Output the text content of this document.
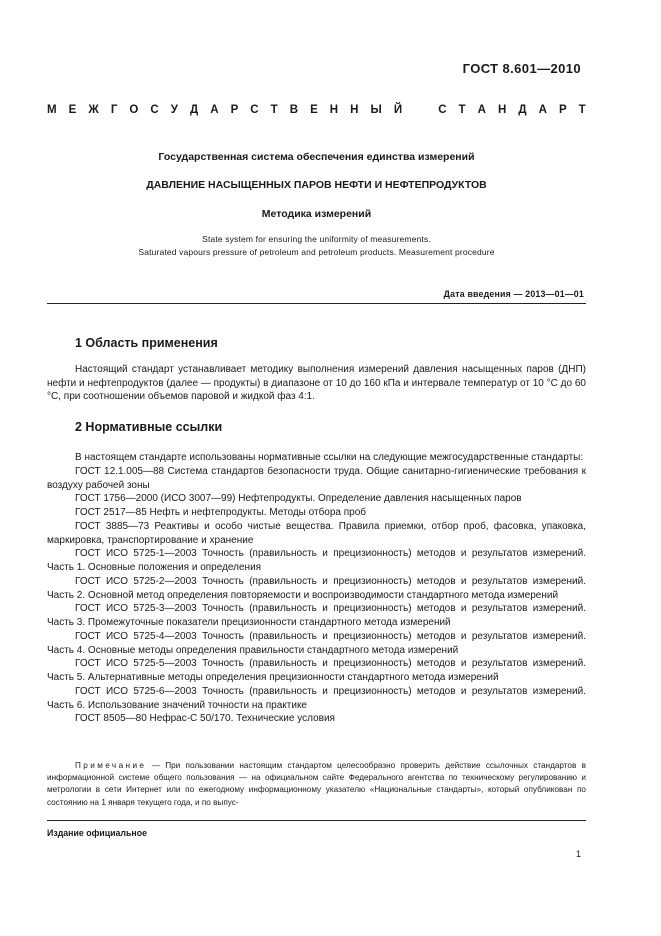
ГОСТ 8.601—2010
М Е Ж Г О С У Д А Р С Т В Е Н Н Ы Й	С Т А Н Д А Р Т
Государственная система обеспечения единства измерений
ДАВЛЕНИЕ НАСЫЩЕННЫХ ПАРОВ НЕФТИ И НЕФТЕПРОДУКТОВ
Методика измерений
State system for ensuring the uniformity of measurements.
Saturated vapours pressure of petroleum and petroleum products. Measurement procedure
Дата введения — 2013—01—01
1 Область применения
Настоящий стандарт устанавливает методику выполнения измерений давления насыщенных паров (ДНП) нефти и нефтепродуктов (далее — продукты) в диапазоне от 10 до 160 кПа и интервале температур от 10 °С до 60 °С, при соотношении объемов паровой и жидкой фаз 4:1.
2 Нормативные ссылки

В настоящем стандарте использованы нормативные ссылки на следующие межгосударственные стандарты:

ГОСТ 12.1.005—88 Система стандартов безопасности труда. Общие санитарно-гигиенические требования к воздуху рабочей зоны

ГОСТ 1756—2000 (ИСО 3007—99) Нефтепродукты. Определение давления насыщенных паров

ГОСТ 2517—85 Нефть и нефтепродукты. Методы отбора проб

ГОСТ 3885—73 Реактивы и особо чистые вещества. Правила приемки, отбор проб, фасовка, упаковка, маркировка, транспортирование и хранение

ГОСТ ИСО 5725-1—2003 Точность (правильность и прецизионность) методов и результатов измерений. Часть 1. Основные положения и определения

ГОСТ ИСО 5725-2—2003 Точность (правильность и прецизионность) методов и результатов измерений. Часть 2. Основной метод определения повторяемости и воспроизводимости стандартного метода измерений

ГОСТ ИСО 5725-3—2003 Точность (правильность и прецизионность) методов и результатов измерений. Часть 3. Промежуточные показатели прецизионности стандартного метода измерений

ГОСТ ИСО 5725-4—2003 Точность (правильность и прецизионность) методов и результатов измерений. Часть 4. Основные методы определения правильности стандартного метода измерений

ГОСТ ИСО 5725-5—2003 Точность (правильность и прецизионность) методов и результатов измерений. Часть 5. Альтернативные методы определения прецизионности стандартного метода измерений

ГОСТ ИСО 5725-6—2003 Точность (правильность и прецизионность) методов и результатов измерений. Часть 6. Использование значений точности на практике

ГОСТ 8505—80 Нефрас-С 50/170. Технические условия

Примечание — При пользовании настоящим стандартом целесообразно проверить действие ссылочных стандартов в информационной системе общего пользования — на официальном сайте Федерального агентства по техническому регулированию и метрологии в сети Интернет или по ежегодному информационному указателю «Национальные стандарты», который опубликован по состоянию на 1 января текущего года, и по выпус-
Издание официальное
1
